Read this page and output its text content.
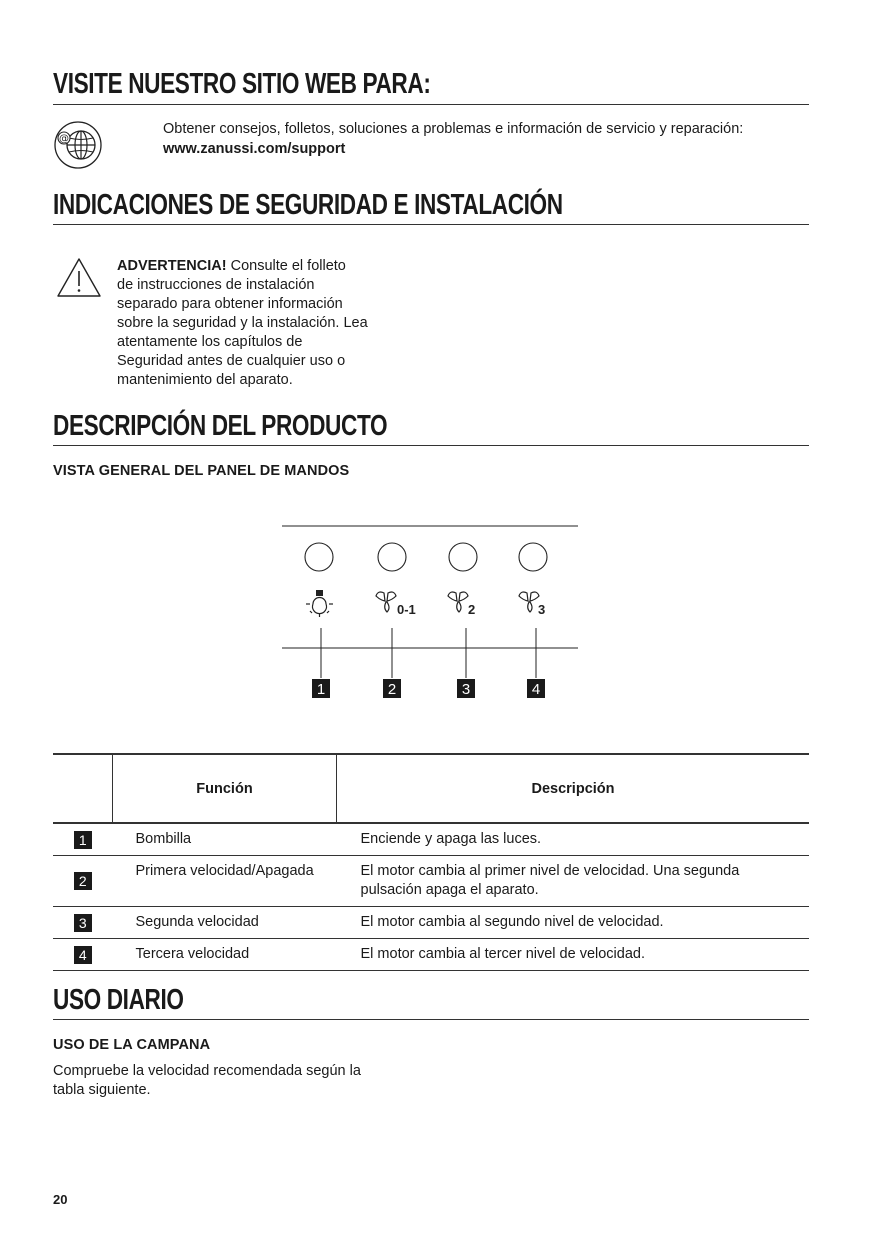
VISITE NUESTRO SITIO WEB PARA:
@
Obtener consejos, folletos, soluciones a problemas e información de servicio y reparación:
www.zanussi.com/support
INDICACIONES DE SEGURIDAD E INSTALACIÓN
ADVERTENCIA! Consulte el folleto
de instrucciones de instalación
separado para obtener información
sobre la seguridad y la instalación. Lea
atentamente los capítulos de
Seguridad antes de cualquier uso o
mantenimiento del aparato.
DESCRIPCIÓN DEL PRODUCTO
VISTA GENERAL DEL PANEL DE MANDOS
0-1	2	3
1	2	3	4
	Función	Descripción
1	Bombilla	Enciende y apaga las luces.
2	Primera velocidad/Apagada	El motor cambia al primer nivel de velocidad. Una segunda pulsación apaga el aparato.
3	Segunda velocidad	El motor cambia al segundo nivel de velocidad.
4	Tercera velocidad	El motor cambia al tercer nivel de velocidad.
USO DIARIO
USO DE LA CAMPANA
Compruebe la velocidad recomendada según la
tabla siguiente.
20
